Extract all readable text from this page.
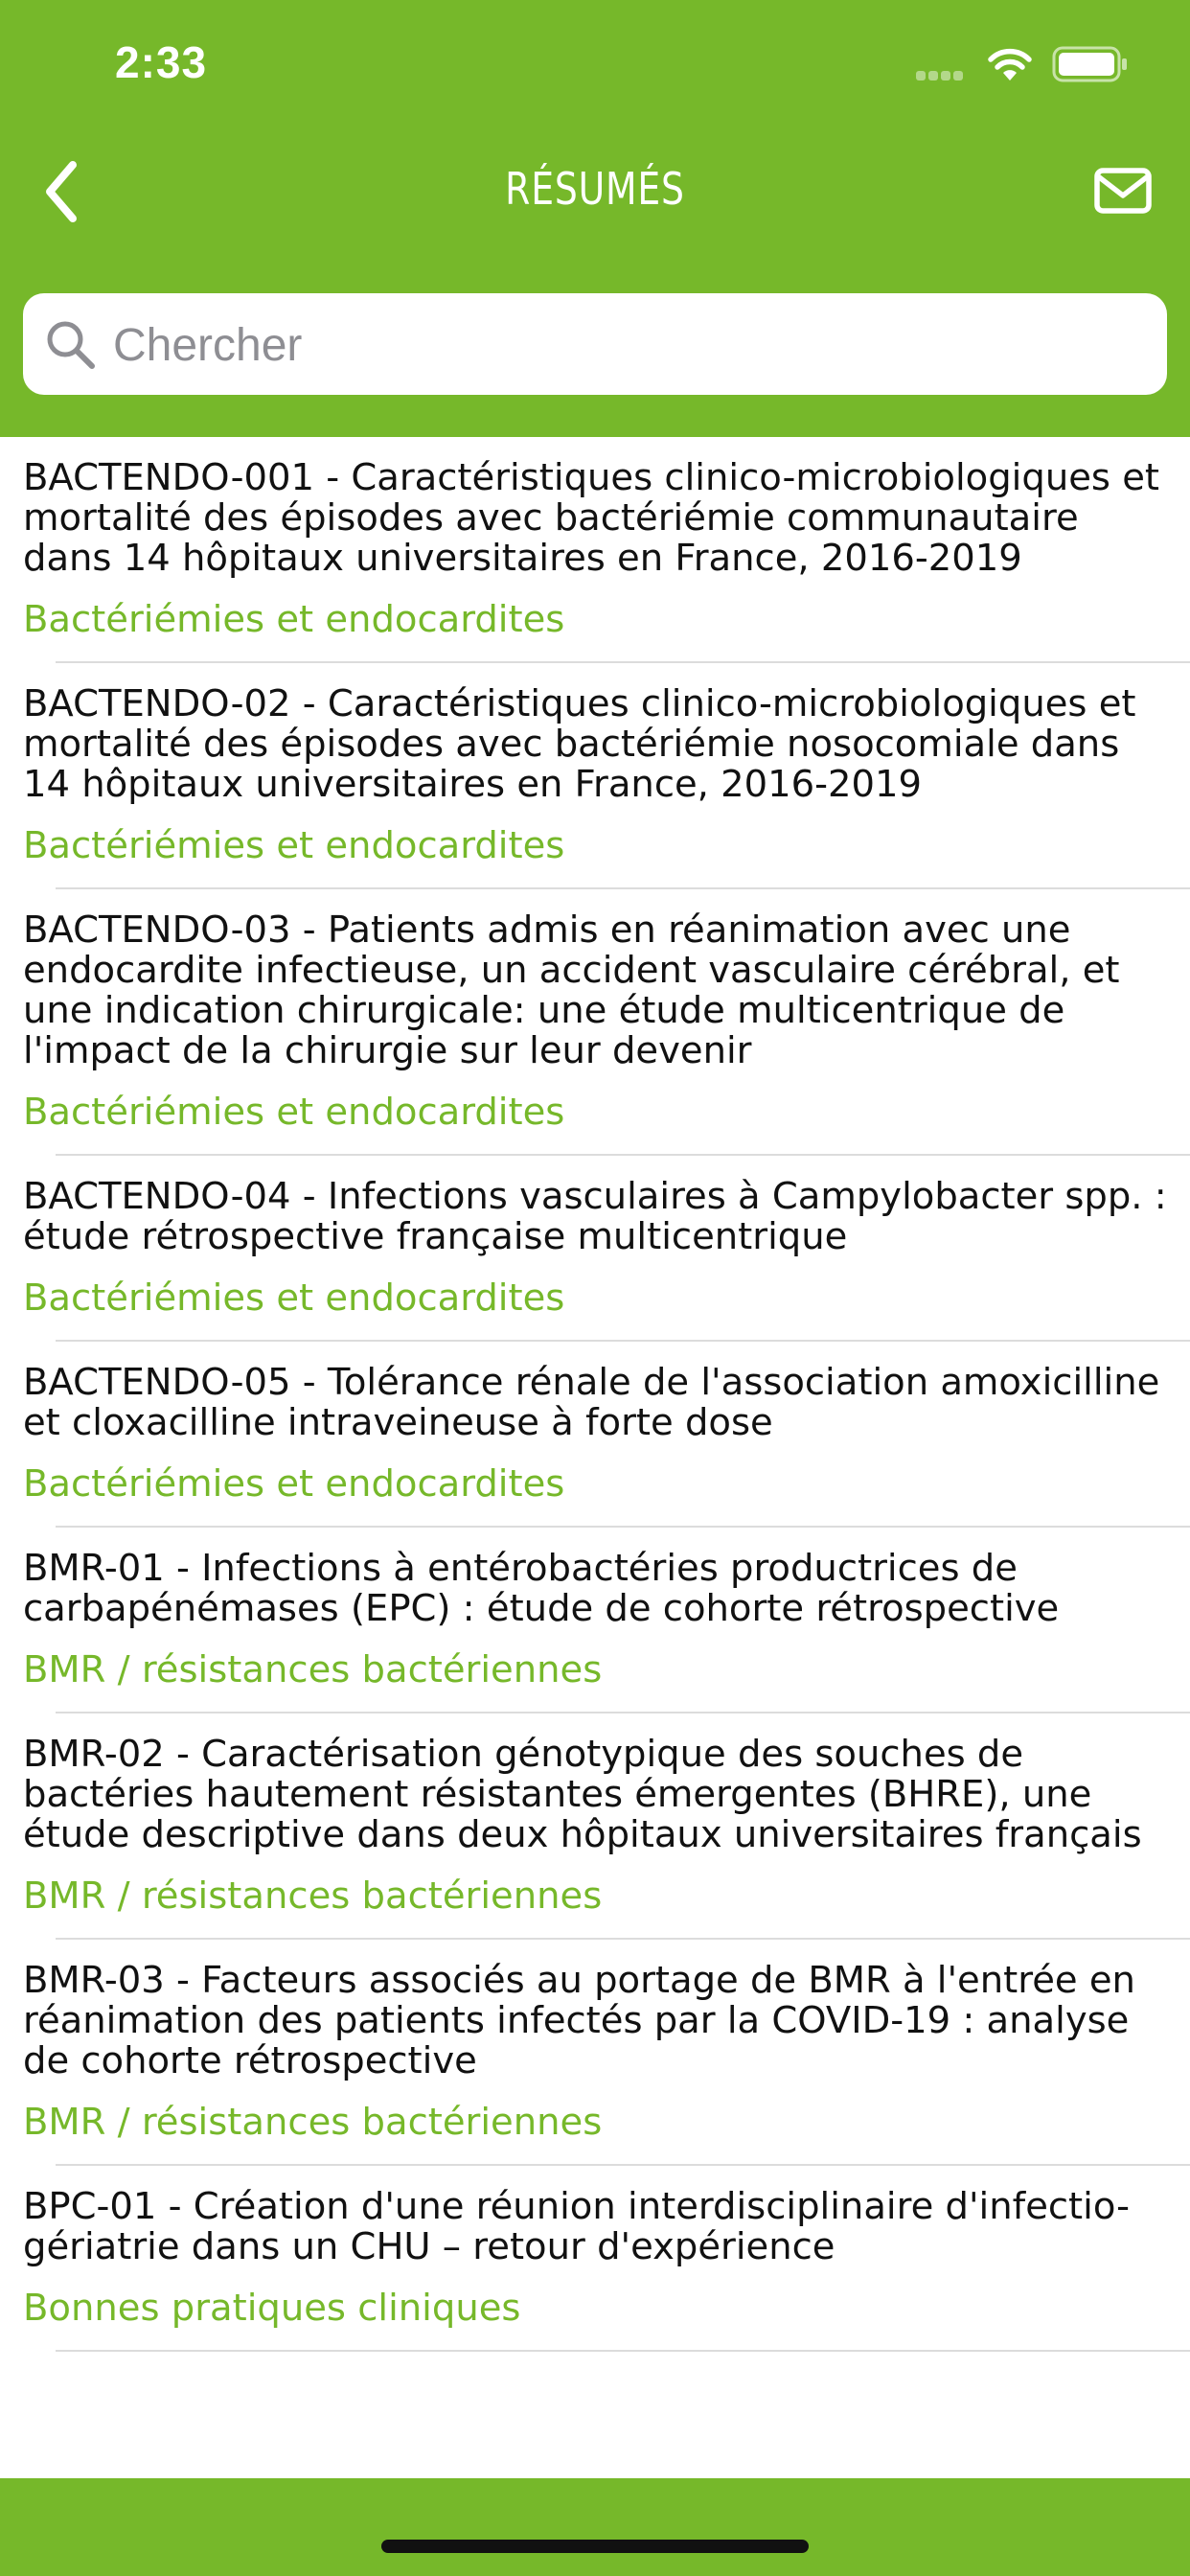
2:33
RÉSUMÉS
Chercher
BACTENDO-001 - Caractéristiques clinico-microbiologiques et mortalité des épisodes avec bactériémie communautaire dans 14 hôpitaux universitaires en France, 2016-2019
Bactériémies et endocardites
BACTENDO-02 - Caractéristiques clinico-microbiologiques et mortalité des épisodes avec bactériémie nosocomiale dans 14 hôpitaux universitaires en France, 2016-2019
Bactériémies et endocardites
BACTENDO-03 - Patients admis en réanimation avec une endocardite infectieuse, un accident vasculaire cérébral, et une indication chirurgicale: une étude multicentrique de l'impact de la chirurgie sur leur devenir
Bactériémies et endocardites
BACTENDO-04 - Infections vasculaires à Campylobacter spp. : étude rétrospective française multicentrique
Bactériémies et endocardites
BACTENDO-05 - Tolérance rénale de l'association amoxicilline et cloxacilline intraveineuse à forte dose
Bactériémies et endocardites
BMR-01 - Infections à entérobactéries productrices de carbapénémases (EPC) : étude de cohorte rétrospective
BMR / résistances bactériennes
BMR-02 - Caractérisation génotypique des souches de bactéries hautement résistantes émergentes (BHRE), une étude descriptive dans deux hôpitaux universitaires français
BMR / résistances bactériennes
BMR-03 - Facteurs associés au portage de BMR à l'entrée en réanimation des patients infectés par la COVID-19 : analyse de cohorte rétrospective
BMR / résistances bactériennes
BPC-01 - Création d'une réunion interdisciplinaire d'infectio-gériatrie dans un CHU – retour d'expérience
Bonnes pratiques cliniques
